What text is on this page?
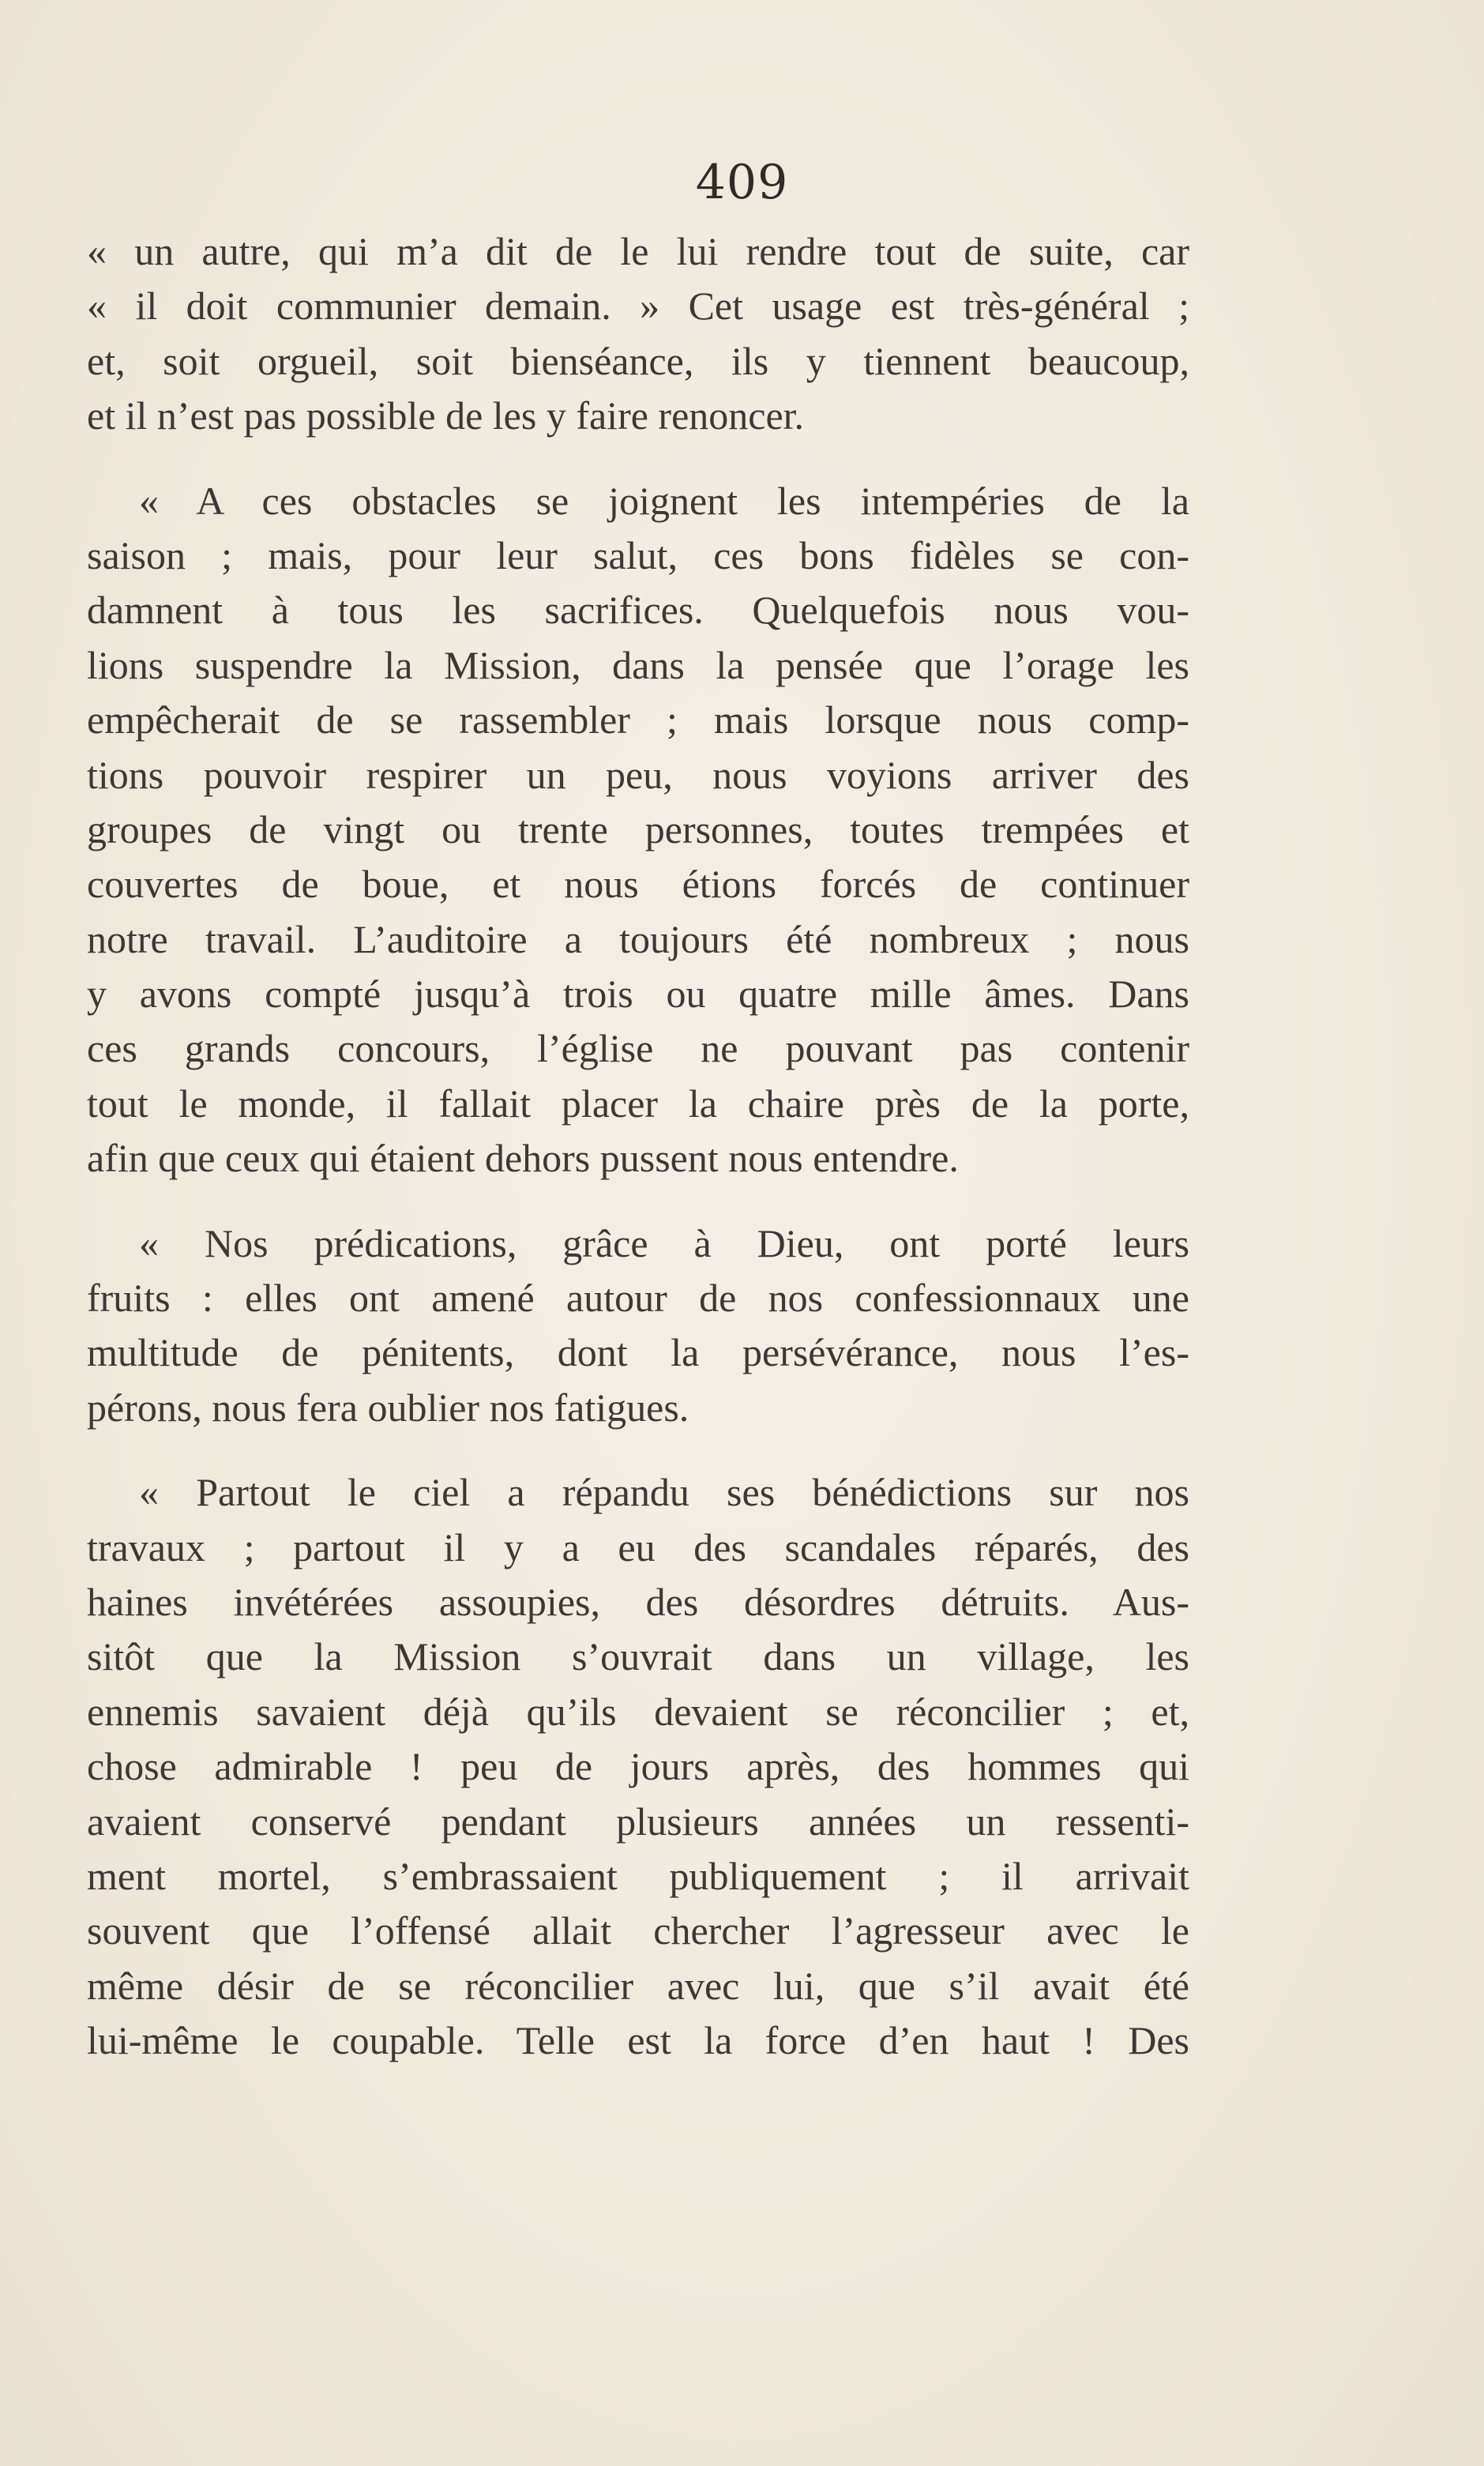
409

« un autre, qui m’a dit de le lui rendre tout de suite, car
« il doit communier demain. » Cet usage est très-général ;
et, soit orgueil, soit bienséance, ils y tiennent beaucoup,
et il n’est pas possible de les y faire renoncer.

« A ces obstacles se joignent les intempéries de la
saison ; mais, pour leur salut, ces bons fidèles se con-
damnent à tous les sacrifices. Quelquefois nous vou-
lions suspendre la Mission, dans la pensée que l’orage les
empêcherait de se rassembler ; mais lorsque nous comp-
tions pouvoir respirer un peu, nous voyions arriver des
groupes de vingt ou trente personnes, toutes trempées et
couvertes de boue, et nous étions forcés de continuer
notre travail. L’auditoire a toujours été nombreux ; nous
y avons compté jusqu’à trois ou quatre mille âmes. Dans
ces grands concours, l’église ne pouvant pas contenir
tout le monde, il fallait placer la chaire près de la porte,
afin que ceux qui étaient dehors pussent nous entendre.

« Nos prédications, grâce à Dieu, ont porté leurs
fruits : elles ont amené autour de nos confessionnaux une
multitude de pénitents, dont la persévérance, nous l’es-
pérons, nous fera oublier nos fatigues.

« Partout le ciel a répandu ses bénédictions sur nos
travaux ; partout il y a eu des scandales réparés, des
haines invétérées assoupies, des désordres détruits. Aus-
sitôt que la Mission s’ouvrait dans un village, les
ennemis savaient déjà qu’ils devaient se réconcilier ; et,
chose admirable ! peu de jours après, des hommes qui
avaient conservé pendant plusieurs années un ressenti-
ment mortel, s’embrassaient publiquement ; il arrivait
souvent que l’offensé allait chercher l’agresseur avec le
même désir de se réconcilier avec lui, que s’il avait été
lui-même le coupable. Telle est la force d’en haut ! Des
